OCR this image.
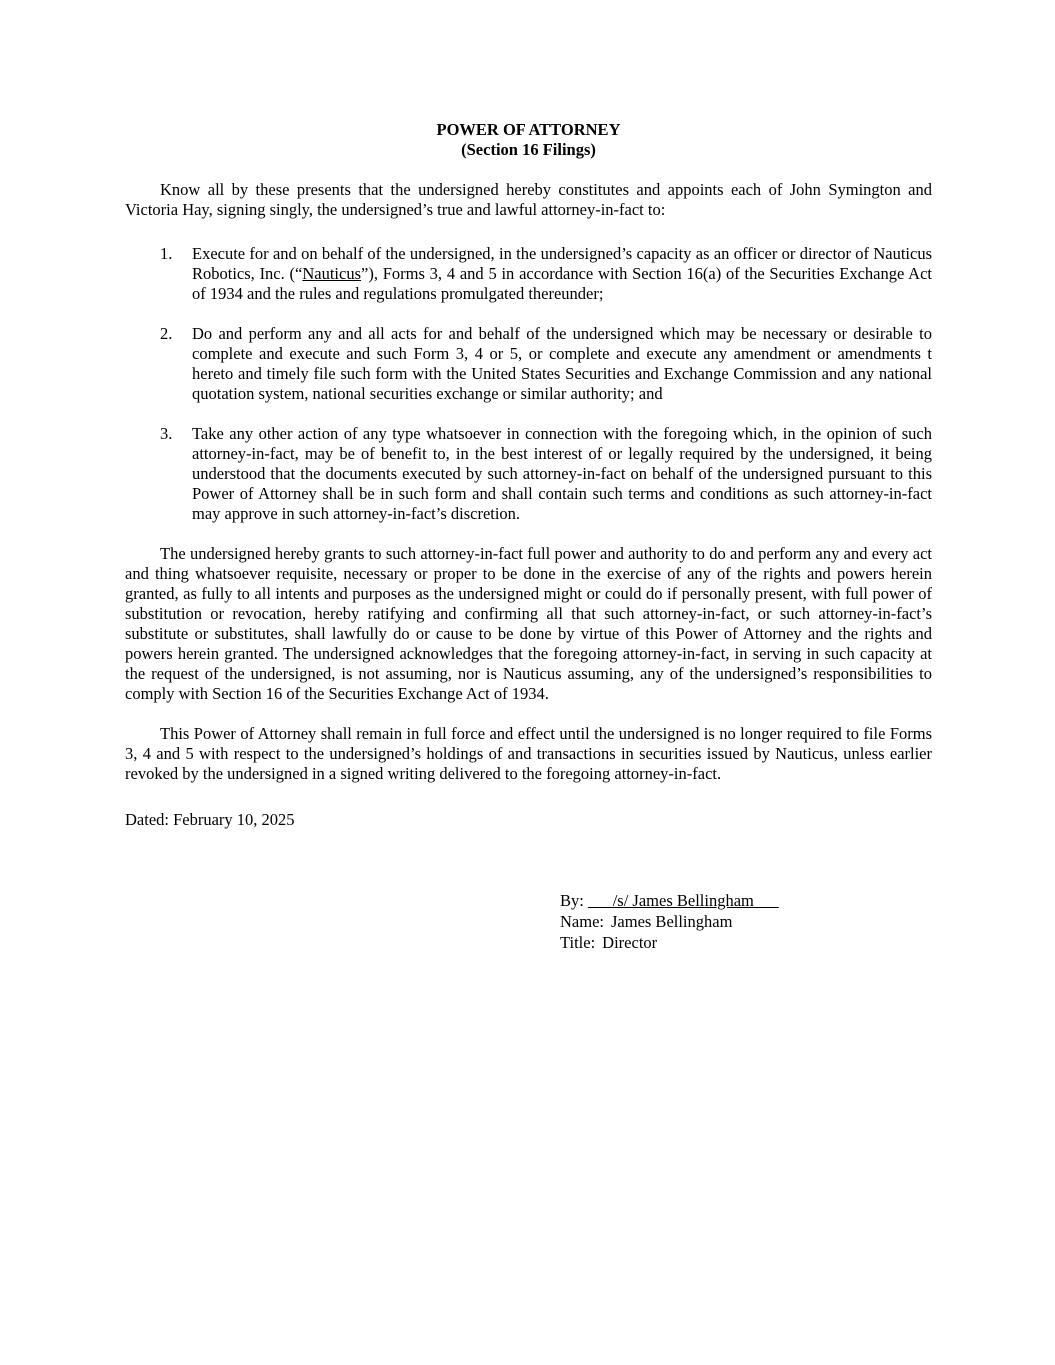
POWER OF ATTORNEY
(Section 16 Filings)

Know all by these presents that the undersigned hereby constitutes and appoints each of John Symington and Victoria Hay, signing singly, the undersigned’s true and lawful attorney-in-fact to:

1. Execute for and on behalf of the undersigned, in the undersigned’s capacity as an officer or director of Nauticus Robotics, Inc. (“Nauticus”), Forms 3, 4 and 5 in accordance with Section 16(a) of the Securities Exchange Act of 1934 and the rules and regulations promulgated thereunder;
2. Do and perform any and all acts for and behalf of the undersigned which may be necessary or desirable to complete and execute and such Form 3, 4 or 5, or complete and execute any amendment or amendments t hereto and timely file such form with the United States Securities and Exchange Commission and any national quotation system, national securities exchange or similar authority; and
3. Take any other action of any type whatsoever in connection with the foregoing which, in the opinion of such attorney-in-fact, may be of benefit to, in the best interest of or legally required by the undersigned, it being understood that the documents executed by such attorney-in-fact on behalf of the undersigned pursuant to this Power of Attorney shall be in such form and shall contain such terms and conditions as such attorney-in-fact may approve in such attorney-in-fact’s discretion.

The undersigned hereby grants to such attorney-in-fact full power and authority to do and perform any and every act and thing whatsoever requisite, necessary or proper to be done in the exercise of any of the rights and powers herein granted, as fully to all intents and purposes as the undersigned might or could do if personally present, with full power of substitution or revocation, hereby ratifying and confirming all that such attorney-in-fact, or such attorney-in-fact’s substitute or substitutes, shall lawfully do or cause to be done by virtue of this Power of Attorney and the rights and powers herein granted. The undersigned acknowledges that the foregoing attorney-in-fact, in serving in such capacity at the request of the undersigned, is not assuming, nor is Nauticus assuming, any of the undersigned’s responsibilities to comply with Section 16 of the Securities Exchange Act of 1934.

This Power of Attorney shall remain in full force and effect until the undersigned is no longer required to file Forms 3, 4 and 5 with respect to the undersigned’s holdings of and transactions in securities issued by Nauticus, unless earlier revoked by the undersigned in a signed writing delivered to the foregoing attorney-in-fact.

Dated: February 10, 2025

By: ___/s/ James Bellingham___
Name: James Bellingham
Title: Director
